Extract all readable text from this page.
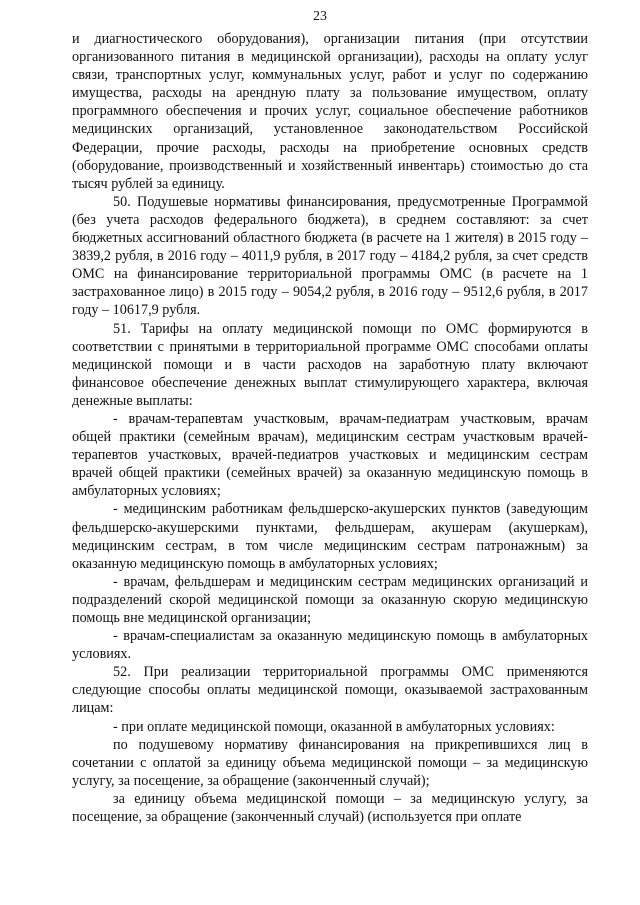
23

и диагностического оборудования), организации питания (при отсутствии организованного питания в медицинской организации), расходы на оплату услуг связи, транспортных услуг, коммунальных услуг, работ и услуг по содержанию имущества, расходы на арендную плату за пользование имуществом, оплату программного обеспечения и прочих услуг, социальное обеспечение работников медицинских организаций, установленное законодательством Российской Федерации, прочие расходы, расходы на приобретение основных средств (оборудование, производственный и хозяйственный инвентарь) стоимостью до ста тысяч рублей за единицу.

50. Подушевые нормативы финансирования, предусмотренные Программой (без учета расходов федерального бюджета), в среднем составляют: за счет бюджетных ассигнований областного бюджета (в расчете на 1 жителя) в 2015 году – 3839,2 рубля, в 2016 году – 4011,9 рубля, в 2017 году – 4184,2 рубля, за счет средств ОМС на финансирование территориальной программы ОМС (в расчете на 1 застрахованное лицо) в 2015 году – 9054,2 рубля, в 2016 году – 9512,6 рубля, в 2017 году – 10617,9 рубля.

51. Тарифы на оплату медицинской помощи по ОМС формируются в соответствии с принятыми в территориальной программе ОМС способами оплаты медицинской помощи и в части расходов на заработную плату включают финансовое обеспечение денежных выплат стимулирующего характера, включая денежные выплаты:

- врачам-терапевтам участковым, врачам-педиатрам участковым, врачам общей практики (семейным врачам), медицинским сестрам участковым врачей-терапевтов участковых, врачей-педиатров участковых и медицинским сестрам врачей общей практики (семейных врачей) за оказанную медицинскую помощь в амбулаторных условиях;

- медицинским работникам фельдшерско-акушерских пунктов (заведующим фельдшерско-акушерскими пунктами, фельдшерам, акушерам (акушеркам), медицинским сестрам, в том числе медицинским сестрам патронажным) за оказанную медицинскую помощь в амбулаторных условиях;

- врачам, фельдшерам и медицинским сестрам медицинских организаций и подразделений скорой медицинской помощи за оказанную скорую медицинскую помощь вне медицинской организации;

- врачам-специалистам за оказанную медицинскую помощь в амбулаторных условиях.

52. При реализации территориальной программы ОМС применяются следующие способы оплаты медицинской помощи, оказываемой застрахованным лицам:

- при оплате медицинской помощи, оказанной в амбулаторных условиях:

по подушевому нормативу финансирования на прикрепившихся лиц в сочетании с оплатой за единицу объема медицинской помощи – за медицинскую услугу, за посещение, за обращение (законченный случай);

за единицу объема медицинской помощи – за медицинскую услугу, за посещение, за обращение (законченный случай) (используется при оплате
